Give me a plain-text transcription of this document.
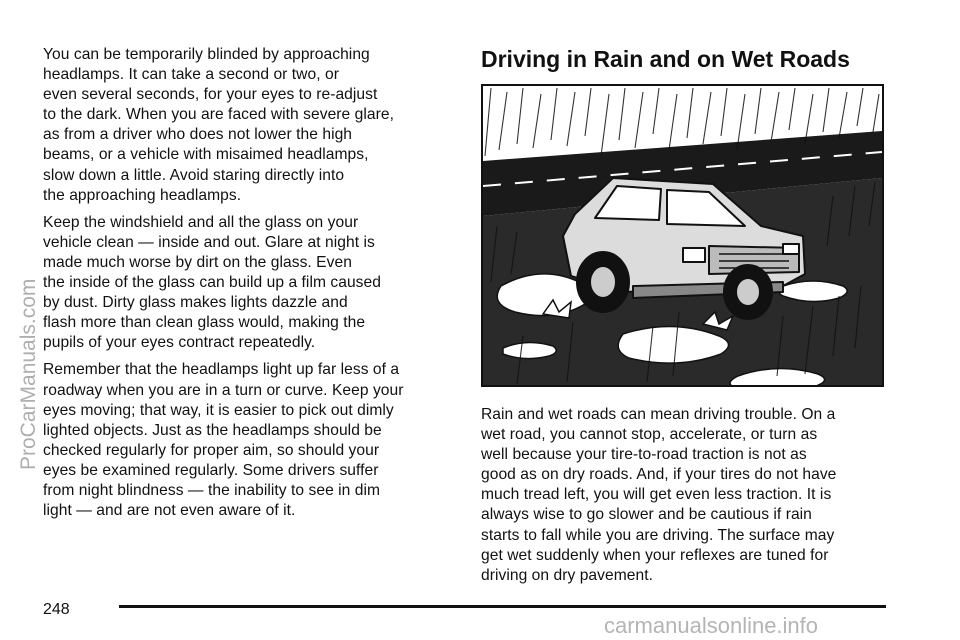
You can be temporarily blinded by approaching
headlamps. It can take a second or two, or
even several seconds, for your eyes to re-adjust
to the dark. When you are faced with severe glare,
as from a driver who does not lower the high
beams, or a vehicle with misaimed headlamps,
slow down a little. Avoid staring directly into
the approaching headlamps.

Keep the windshield and all the glass on your
vehicle clean — inside and out. Glare at night is
made much worse by dirt on the glass. Even
the inside of the glass can build up a film caused
by dust. Dirty glass makes lights dazzle and
flash more than clean glass would, making the
pupils of your eyes contract repeatedly.

Remember that the headlamps light up far less of a
roadway when you are in a turn or curve. Keep your
eyes moving; that way, it is easier to pick out dimly
lighted objects. Just as the headlamps should be
checked regularly for proper aim, so should your
eyes be examined regularly. Some drivers suffer
from night blindness — the inability to see in dim
light — and are not even aware of it.

Driving in Rain and on Wet Roads

Rain and wet roads can mean driving trouble. On a
wet road, you cannot stop, accelerate, or turn as
well because your tire-to-road traction is not as
good as on dry roads. And, if your tires do not have
much tread left, you will get even less traction. It is
always wise to go slower and be cautious if rain
starts to fall while you are driving. The surface may
get wet suddenly when your reflexes are tuned for
driving on dry pavement.

248
ProCarManuals.com
carmanualsonline.info
